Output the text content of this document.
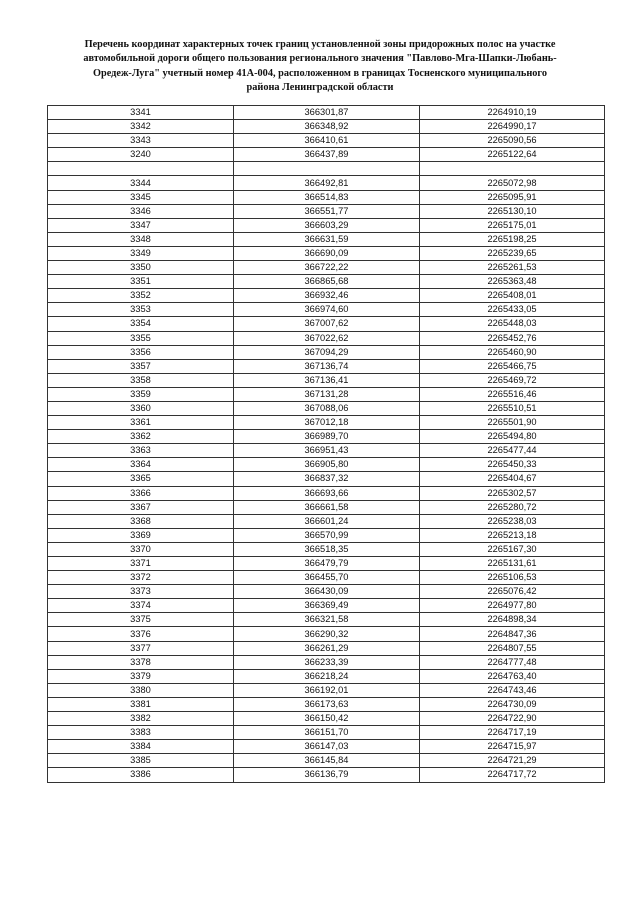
Перечень координат характерных точек границ установленной зоны придорожных полос на участке
автомобильной дороги общего пользования регионального значения "Павлово-Мга-Шапки-Любань-
Оредеж-Луга" учетный номер 41А-004, расположенном в границах Тосненского муниципального
района Ленинградской области
3341	366301,87	2264910,19
3342	366348,92	2264990,17
3343	366410,61	2265090,56
3240	366437,89	2265122,64

3344	366492,81	2265072,98
3345	366514,83	2265095,91
3346	366551,77	2265130,10
3347	366603,29	2265175,01
3348	366631,59	2265198,25
3349	366690,09	2265239,65
3350	366722,22	2265261,53
3351	366865,68	2265363,48
3352	366932,46	2265408,01
3353	366974,60	2265433,05
3354	367007,62	2265448,03
3355	367022,62	2265452,76
3356	367094,29	2265460,90
3357	367136,74	2265466,75
3358	367136,41	2265469,72
3359	367131,28	2265516,46
3360	367088,06	2265510,51
3361	367012,18	2265501,90
3362	366989,70	2265494,80
3363	366951,43	2265477,44
3364	366905,80	2265450,33
3365	366837,32	2265404,67
3366	366693,66	2265302,57
3367	366661,58	2265280,72
3368	366601,24	2265238,03
3369	366570,99	2265213,18
3370	366518,35	2265167,30
3371	366479,79	2265131,61
3372	366455,70	2265106,53
3373	366430,09	2265076,42
3374	366369,49	2264977,80
3375	366321,58	2264898,34
3376	366290,32	2264847,36
3377	366261,29	2264807,55
3378	366233,39	2264777,48
3379	366218,24	2264763,40
3380	366192,01	2264743,46
3381	366173,63	2264730,09
3382	366150,42	2264722,90
3383	366151,70	2264717,19
3384	366147,03	2264715,97
3385	366145,84	2264721,29
3386	366136,79	2264717,72
